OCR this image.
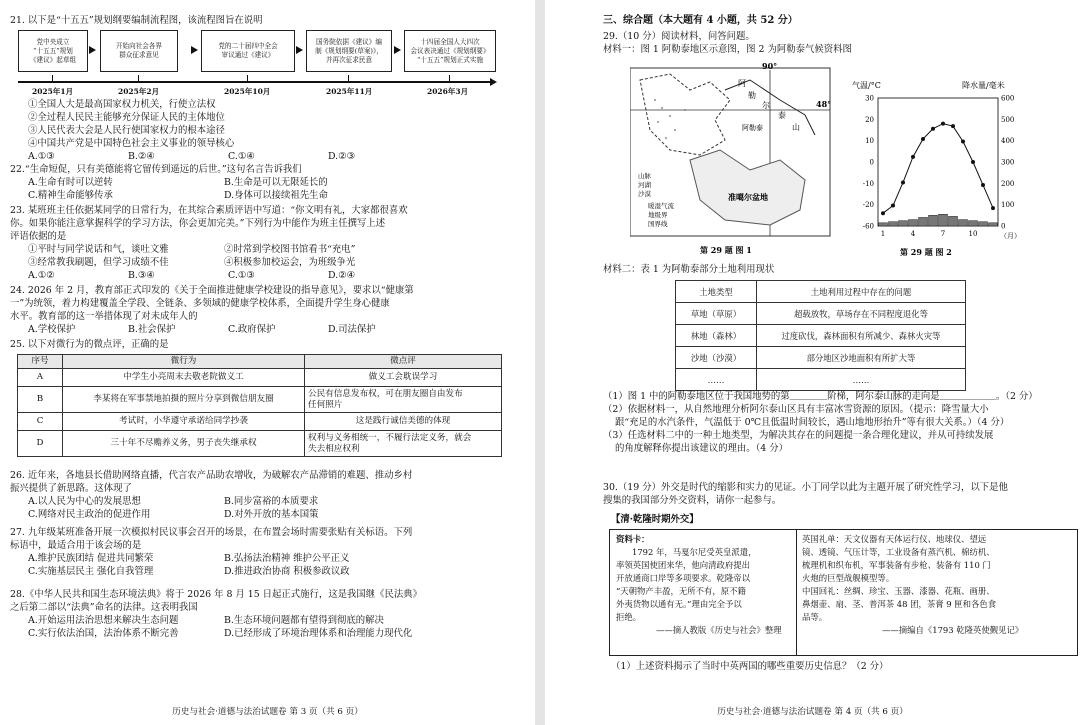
21. 以下是“十五五”规划纲要编制流程图，该流程图旨在说明
党中央成立
“十五五”规划
《建议》起草组
开始向社会各界
群众征求意见
党的二十届四中全会
审议通过《建议》
国务院依据《建议》编
制《规划纲要(草案)》，
并再次征求民意
十四届全国人大四次
会议表决通过《规划纲要》
“十五五”规划正式实施
2025年1月	2025年2月	2025年10月	2025年11月	2026年3月
①全国人大是最高国家权力机关，行使立法权
②全过程人民民主能够充分保证人民的主体地位
③人民代表大会是人民行使国家权力的根本途径
④中国共产党是中国特色社会主义事业的领导核心
A.①③	B.②④	C.①④	D.②③
22.“生命短促，只有美德能将它留传到遥远的后世。”这句名言告诉我们
A.生命有时可以逆转	B.生命是可以无限延长的
C.精神生命能够传承	D.身体可以接续祖先生命
23. 某班班主任依据某同学的日常行为，在其综合素质评语中写道：“你文明有礼，大家都很喜欢
你。如果你能注意掌握科学的学习方法，你会更加完美。”下列行为中能作为班主任撰写上述
评语依据的是
①平时与同学说话和气，谈吐文雅	②时常到学校图书馆看书“充电”
③经常教我刷题，但学习成绩不佳	④积极参加校运会，为班级争光
A.①②	B.③④	C.①③	D.②④
24. 2026 年 2 月，教育部正式印发的《关于全面推进健康学校建设的指导意见》，要求以“健康第
一”为统领，着力构建覆盖全学段、全链条、多领域的健康学校体系，全面提升学生身心健康
水平。教育部的这一举措体现了对未成年人的
A.学校保护	B.社会保护	C.政府保护	D.司法保护
25. 以下对微行为的微点评，正确的是
序号	微行为	微点评
A	中学生小亮周末去敬老院做义工	做义工会耽误学习
B	李某将在军事禁地拍摄的照片分享到微信朋友圈	公民有信息发布权，可在朋友圈自由发布
任何照片

C	考试时，小华遵守承诺给同学抄袭	这是践行诚信美德的体现
D	三十年不尽赡养义务，男子丧失继承权	权利与义务相统一，不履行法定义务，就会
失去相应权利
26. 近年来，各地县长借助网络直播，代言农产品助农增收，为破解农产品滞销的难题、推动乡村
振兴提供了新思路。这体现了
A.以人民为中心的发展思想	B.同步富裕的本质要求
C.网络对民主政治的促进作用	D.对外开放的基本国策
27. 九年级某班准备开展一次模拟村民议事会召开的场景，在布置会场时需要张贴有关标语。下列
标语中，最适合用于该会场的是
A.维护民族团结 促进共同繁荣	B.弘扬法治精神 维护公平正义
C.实施基层民主 强化自我管理	D.推进政治协商 积极参政议政
28.《中华人民共和国生态环境法典》将于 2026 年 8 月 15 日起正式施行，这是我国继《民法典》
之后第二部以“法典”命名的法律。这表明我国
A.开始运用法治思想来解决生态问题	B.生态环境问题都有望得到彻底的解决
C.实行依法治国，法治体系不断完善	D.已经形成了环境治理体系和治理能力现代化
历史与社会·道德与法治试题卷 第 3 页（共 6 页）
三、综合题（本大题有 4 小题，共 52 分）
29.（10 分）阅读材料，问答问题。
材料一：图 1 阿勒泰地区示意图，图 2 为阿勒泰气候资料图
90°
48°
阿
勒
尔
泰
山
阿勒泰
准噶尔盆地
山脉
河湖
沙漠
暖湿气流
地级界
国界线
第 29 题 图 1
气温/°C	降水量/毫米
30
20
10
0
-10
-20
-60
600
500
400
300
200
100
0
1	4	7	10	（月）
第 29 题 图 2
材料二：表 1 为阿勒泰部分土地利用现状
土地类型	土地利用过程中存在的问题
草地（草原）	超载放牧，草场存在不同程度退化等
林地（森林）	过度砍伐，森林面积有所减少、森林火灾等
沙地（沙漠）	部分地区沙地面积有所扩大等
……	……
（1）图 1 中的阿勒泰地区位于我国地势的第＿＿＿＿阶梯，阿尔泰山脉的走向是＿＿＿＿＿＿。（2 分）
（2）依据材料一，从自然地理分析阿尔泰山区具有丰富冰雪资源的原因。（提示：降雪量大小
跟“充足的水汽条件，气温低于 0℃且低温时间较长，遇山地地形抬升”等有很大关系。）（4 分）
（3）任选材料二中的一种土地类型，为解决其存在的问题提一条合理化建议，并从可持续发展
的角度解释你提出该建议的理由。（4 分）
30.（19 分）外交是时代的缩影和实力的见证。小丁同学以此为主题开展了研究性学习，以下是他
搜集的我国部分外交资料，请你一起参与。
【清·乾隆时期外交】
资料卡：
1792 年，马戛尔尼受英皇派遣，
率领英国使团来华，他向清政府提出
开放通商口岸等多项要求。乾隆帝以
“天朝物产丰盈，无所不有，原不籍
外夷货物以通有无。”理由完全予以
拒绝。
——摘人教版《历史与社会》整理
英国礼单：天文仪器有天体运行仪、地球仪、望远
镜、透镜、气压计等，工业设备有蒸汽机、棉纺机、
梳理机和织布机，军事装备有步枪、装备有 110 门
火炮的巨型战舰模型等。
中国回礼：丝绸、珍宝、玉器、漆器、花瓶、画册、
鼻烟壶、扇、茎、普洱茶 48 团，茶膏 9 匣和各色食
品等。
——摘编自《1793 乾隆英使觐见记》
（1）上述资料揭示了当时中英两国的哪些重要历史信息？（2 分）
历史与社会·道德与法治试题卷 第 4 页（共 6 页）
